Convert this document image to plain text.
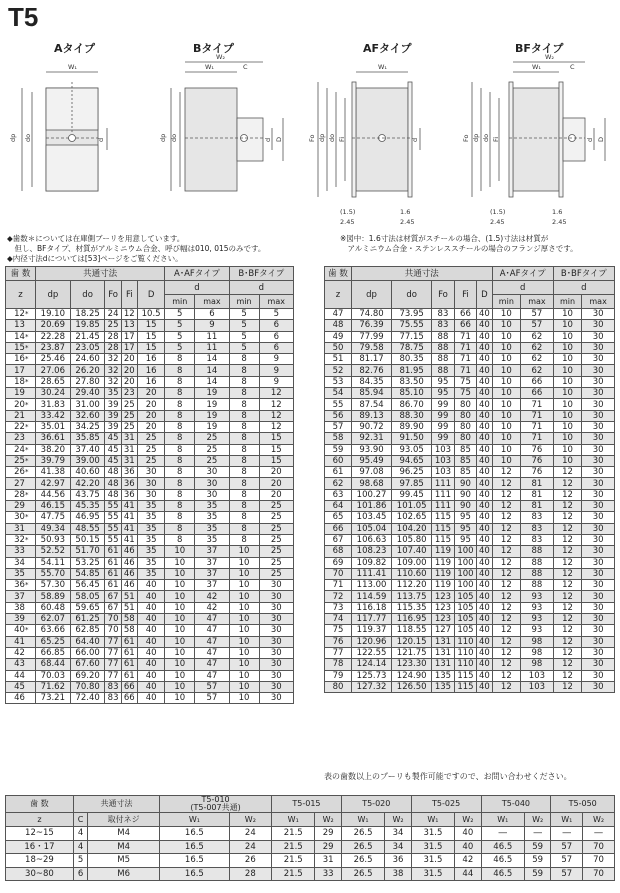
T5
Aタイプ	Bタイプ	AFタイプ	BFタイプ
W₁
dp do	d
W₁
W₂
C
dp do	d D
W₁
Fo dp do Fi	d
(1.5)	1.6
2.45	2.45
W₁
W₂
C
Fo dp do Fi	d D
(1.5)	1.6
2.45	2.45
◆歯数＊については在庫側ブーリを用意しています。
　但し、BFタイプ、材質がアルミニウム合金、呼び幅は010, 015のみです。
◆内径寸法dについては[53]ページをご覧ください。
※図中：1.6寸法は材質がスチールの場合、(1.5)寸法は材質が
　アルミニウム合金・ステンレススチールの場合のフランジ厚さです。
歯 数	共通寸法					A･AFタイプ		B･BFタイプ	
z	dp	do	Fo	Fi	D	d		d	
						min	max	min	max
12*	19.10	18.25	24	12	10.5	5	6	5	5
13	20.69	19.85	25	13	15	5	9	5	6
14*	22.28	21.45	28	17	15	5	11	5	6
15*	23.87	23.05	28	17	15	5	11	5	6
16*	25.46	24.60	32	20	16	8	14	8	9
17	27.06	26.20	32	20	16	8	14	8	9
18*	28.65	27.80	32	20	16	8	14	8	9
19	30.24	29.40	35	23	20	8	19	8	12
20*	31.83	31.00	39	25	20	8	19	8	12
21	33.42	32.60	39	25	20	8	19	8	12
22*	35.01	34.25	39	25	20	8	19	8	12
23	36.61	35.85	45	31	25	8	25	8	15
24*	38.20	37.40	45	31	25	8	25	8	15
25*	39.79	39.00	45	31	25	8	25	8	15
26*	41.38	40.60	48	36	30	8	30	8	20
27	42.97	42.20	48	36	30	8	30	8	20
28*	44.56	43.75	48	36	30	8	30	8	20
29	46.15	45.35	55	41	35	8	35	8	25
30*	47.75	46.95	55	41	35	8	35	8	25
31	49.34	48.55	55	41	35	8	35	8	25
32*	50.93	50.15	55	41	35	8	35	8	25
33	52.52	51.70	61	46	35	10	37	10	25
34	54.11	53.25	61	46	35	10	37	10	25
35	55.70	54.85	61	46	35	10	37	10	25
36*	57.30	56.45	61	46	40	10	37	10	30
37	58.89	58.05	67	51	40	10	42	10	30
38	60.48	59.65	67	51	40	10	42	10	30
39	62.07	61.25	70	58	40	10	47	10	30
40*	63.66	62.85	70	58	40	10	47	10	30
41	65.25	64.40	77	61	40	10	47	10	30
42	66.85	66.00	77	61	40	10	47	10	30
43	68.44	67.60	77	61	40	10	47	10	30
44	70.03	69.20	77	61	40	10	47	10	30
45	71.62	70.80	83	66	40	10	57	10	30
46	73.21	72.40	83	66	40	10	57	10	30
歯 数	共通寸法					A･AFタイプ		B･BFタイプ	
z	dp	do	Fo	Fi	D	d		d	
						min	max	min	max
47	74.80	73.95	83	66	40	10	57	10	30
48	76.39	75.55	83	66	40	10	57	10	30
49	77.99	77.15	88	71	40	10	62	10	30
50	79.58	78.75	88	71	40	10	62	10	30
51	81.17	80.35	88	71	40	10	62	10	30
52	82.76	81.95	88	71	40	10	62	10	30
53	84.35	83.50	95	75	40	10	66	10	30
54	85.94	85.10	95	75	40	10	66	10	30
55	87.54	86.70	99	80	40	10	71	10	30
56	89.13	88.30	99	80	40	10	71	10	30
57	90.72	89.90	99	80	40	10	71	10	30
58	92.31	91.50	99	80	40	10	71	10	30
59	93.90	93.05	103	85	40	10	76	10	30
60	95.49	94.65	103	85	40	10	76	10	30
61	97.08	96.25	103	85	40	12	76	12	30
62	98.68	97.85	111	90	40	12	81	12	30
63	100.27	99.45	111	90	40	12	81	12	30
64	101.86	101.05	111	90	40	12	81	12	30
65	103.45	102.65	115	95	40	12	83	12	30
66	105.04	104.20	115	95	40	12	83	12	30
67	106.63	105.80	115	95	40	12	83	12	30
68	108.23	107.40	119	100	40	12	88	12	30
69	109.82	109.00	119	100	40	12	88	12	30
70	111.41	110.60	119	100	40	12	88	12	30
71	113.00	112.20	119	100	40	12	88	12	30
72	114.59	113.75	123	105	40	12	93	12	30
73	116.18	115.35	123	105	40	12	93	12	30
74	117.77	116.95	123	105	40	12	93	12	30
75	119.37	118.55	127	105	40	12	93	12	30
76	120.96	120.15	131	110	40	12	98	12	30
77	122.55	121.75	131	110	40	12	98	12	30
78	124.14	123.30	131	110	40	12	98	12	30
79	125.73	124.90	135	115	40	12	103	12	30
80	127.32	126.50	135	115	40	12	103	12	30
表の歯数以上のプーリも製作可能ですので、お問い合わせください。
歯 数	共通寸法		T5-010
(T5-007共通)		T5-015		T5-020		T5-025		T5-040		T5-050	
z	C	取付ネジ	W₁	W₂	W₁	W₂	W₁	W₂	W₁	W₂	W₁	W₂	W₁	W₂
12~15	4	M4	16.5	24	21.5	29	26.5	34	31.5	40	―	―	―	―
16・17	4	M4	16.5	24	21.5	29	26.5	34	31.5	40	46.5	59	57	70
18~29	5	M5	16.5	26	21.5	31	26.5	36	31.5	42	46.5	59	57	70
30~80	6	M6	16.5	28	21.5	33	26.5	38	31.5	44	46.5	59	57	70
